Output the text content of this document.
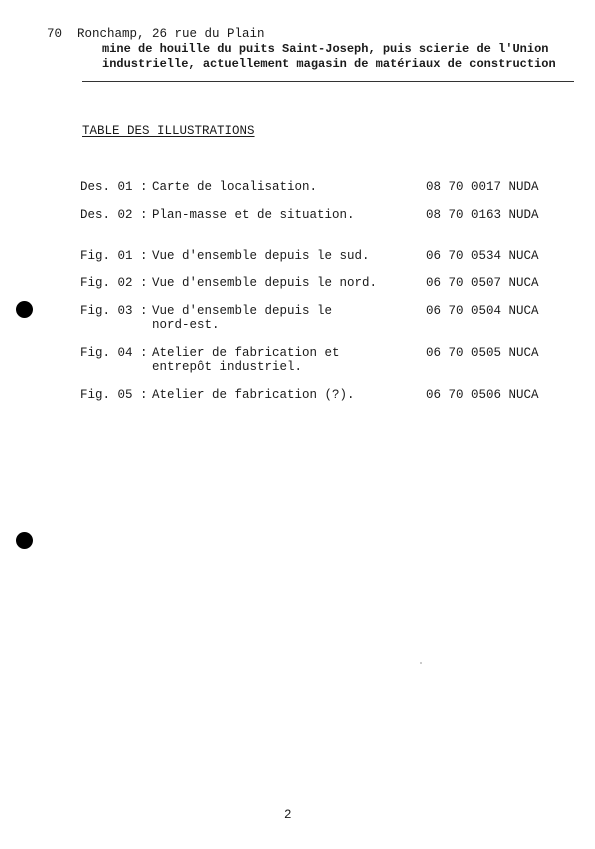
70 Ronchamp, 26 rue du Plain
mine de houille du puits Saint-Joseph, puis scierie de l'Union
industrielle, actuellement magasin de matériaux de construction
TABLE DES ILLUSTRATIONS
Des. 01 : Carte de localisation.	08 70 0017 NUDA
Des. 02 : Plan-masse et de situation.	08 70 0163 NUDA
Fig. 01 : Vue d'ensemble depuis le sud.	06 70 0534 NUCA
Fig. 02 : Vue d'ensemble depuis le nord.	06 70 0507 NUCA
Fig. 03 : Vue d'ensemble depuis le
nord-est.
06 70 0504 NUCA
Fig. 04 : Atelier de fabrication et
entrepôt industriel.
06 70 0505 NUCA
Fig. 05 : Atelier de fabrication (?).	06 70 0506 NUCA
2
